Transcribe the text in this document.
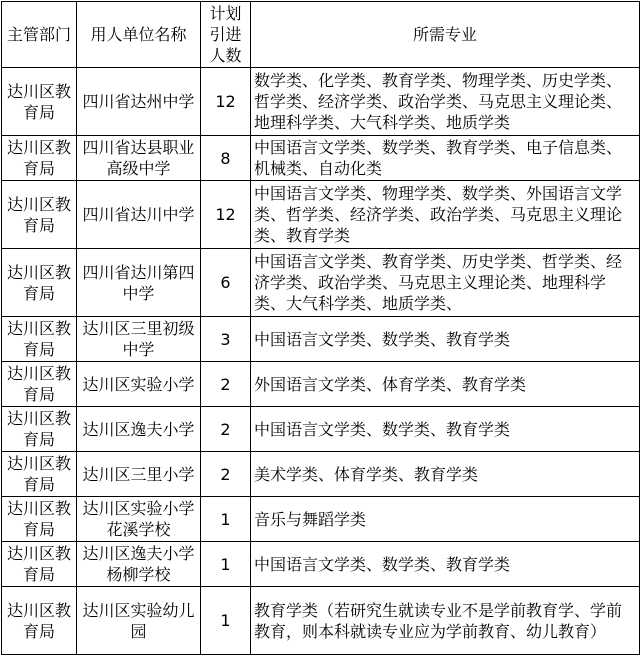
主管部门	用人单位名称	计划引进人数	所需专业
达川区教育局	四川省达州中学	12	数学类、化学类、教育学类、物理学类、历史学类、哲学类、经济学类、政治学类、马克思主义理论类、地理科学类、大气科学类、地质学类
达川区教育局	四川省达县职业高级中学	8	中国语言文学类、数学类、教育学类、电子信息类、机械类、自动化类
达川区教育局	四川省达川中学	12	中国语言文学类、物理学类、数学类、外国语言文学类、哲学类、经济学类、政治学类、马克思主义理论类、教育学类
达川区教育局	四川省达川第四中学	6	中国语言文学类、教育学类、历史学类、哲学类、经济学类、政治学类、马克思主义理论类、地理科学类、大气科学类、地质学类、
达川区教育局	达川区三里初级中学	3	中国语言文学类、数学类、教育学类
达川区教育局	达川区实验小学	2	外国语言文学类、体育学类、教育学类
达川区教育局	达川区逸夫小学	2	中国语言文学类、数学类、教育学类
达川区教育局	达川区三里小学	2	美术学类、体育学类、教育学类
达川区教育局	达川区实验小学花溪学校	1	音乐与舞蹈学类
达川区教育局	达川区逸夫小学杨柳学校	1	中国语言文学类、数学类、教育学类
达川区教育局	达川区实验幼儿园	1	教育学类（若研究生就读专业不是学前教育学、学前教育，则本科就读专业应为学前教育、幼儿教育）
